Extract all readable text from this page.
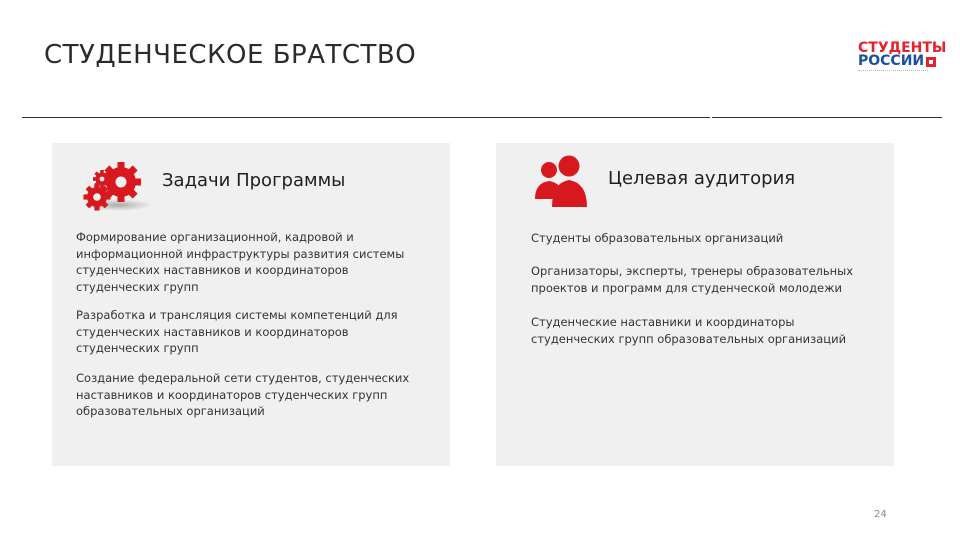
СТУДЕНЧЕСКОЕ БРАТСТВО	СТУДЕНТЫ
РОССИИ
Задачи Программы
Формирование организационной, кадровой и информационной инфраструктуры развития системы студенческих наставников и координаторов студенческих групп
Разработка и трансляция системы компетенций для студенческих наставников и координаторов студенческих групп
Создание федеральной сети студентов, студенческих наставников и координаторов студенческих групп образовательных организаций
Целевая аудитория
Студенты образовательных организаций
Организаторы, эксперты, тренеры образовательных проектов и программ для студенческой молодежи
Студенческие наставники и координаторы студенческих групп образовательных организаций
24
